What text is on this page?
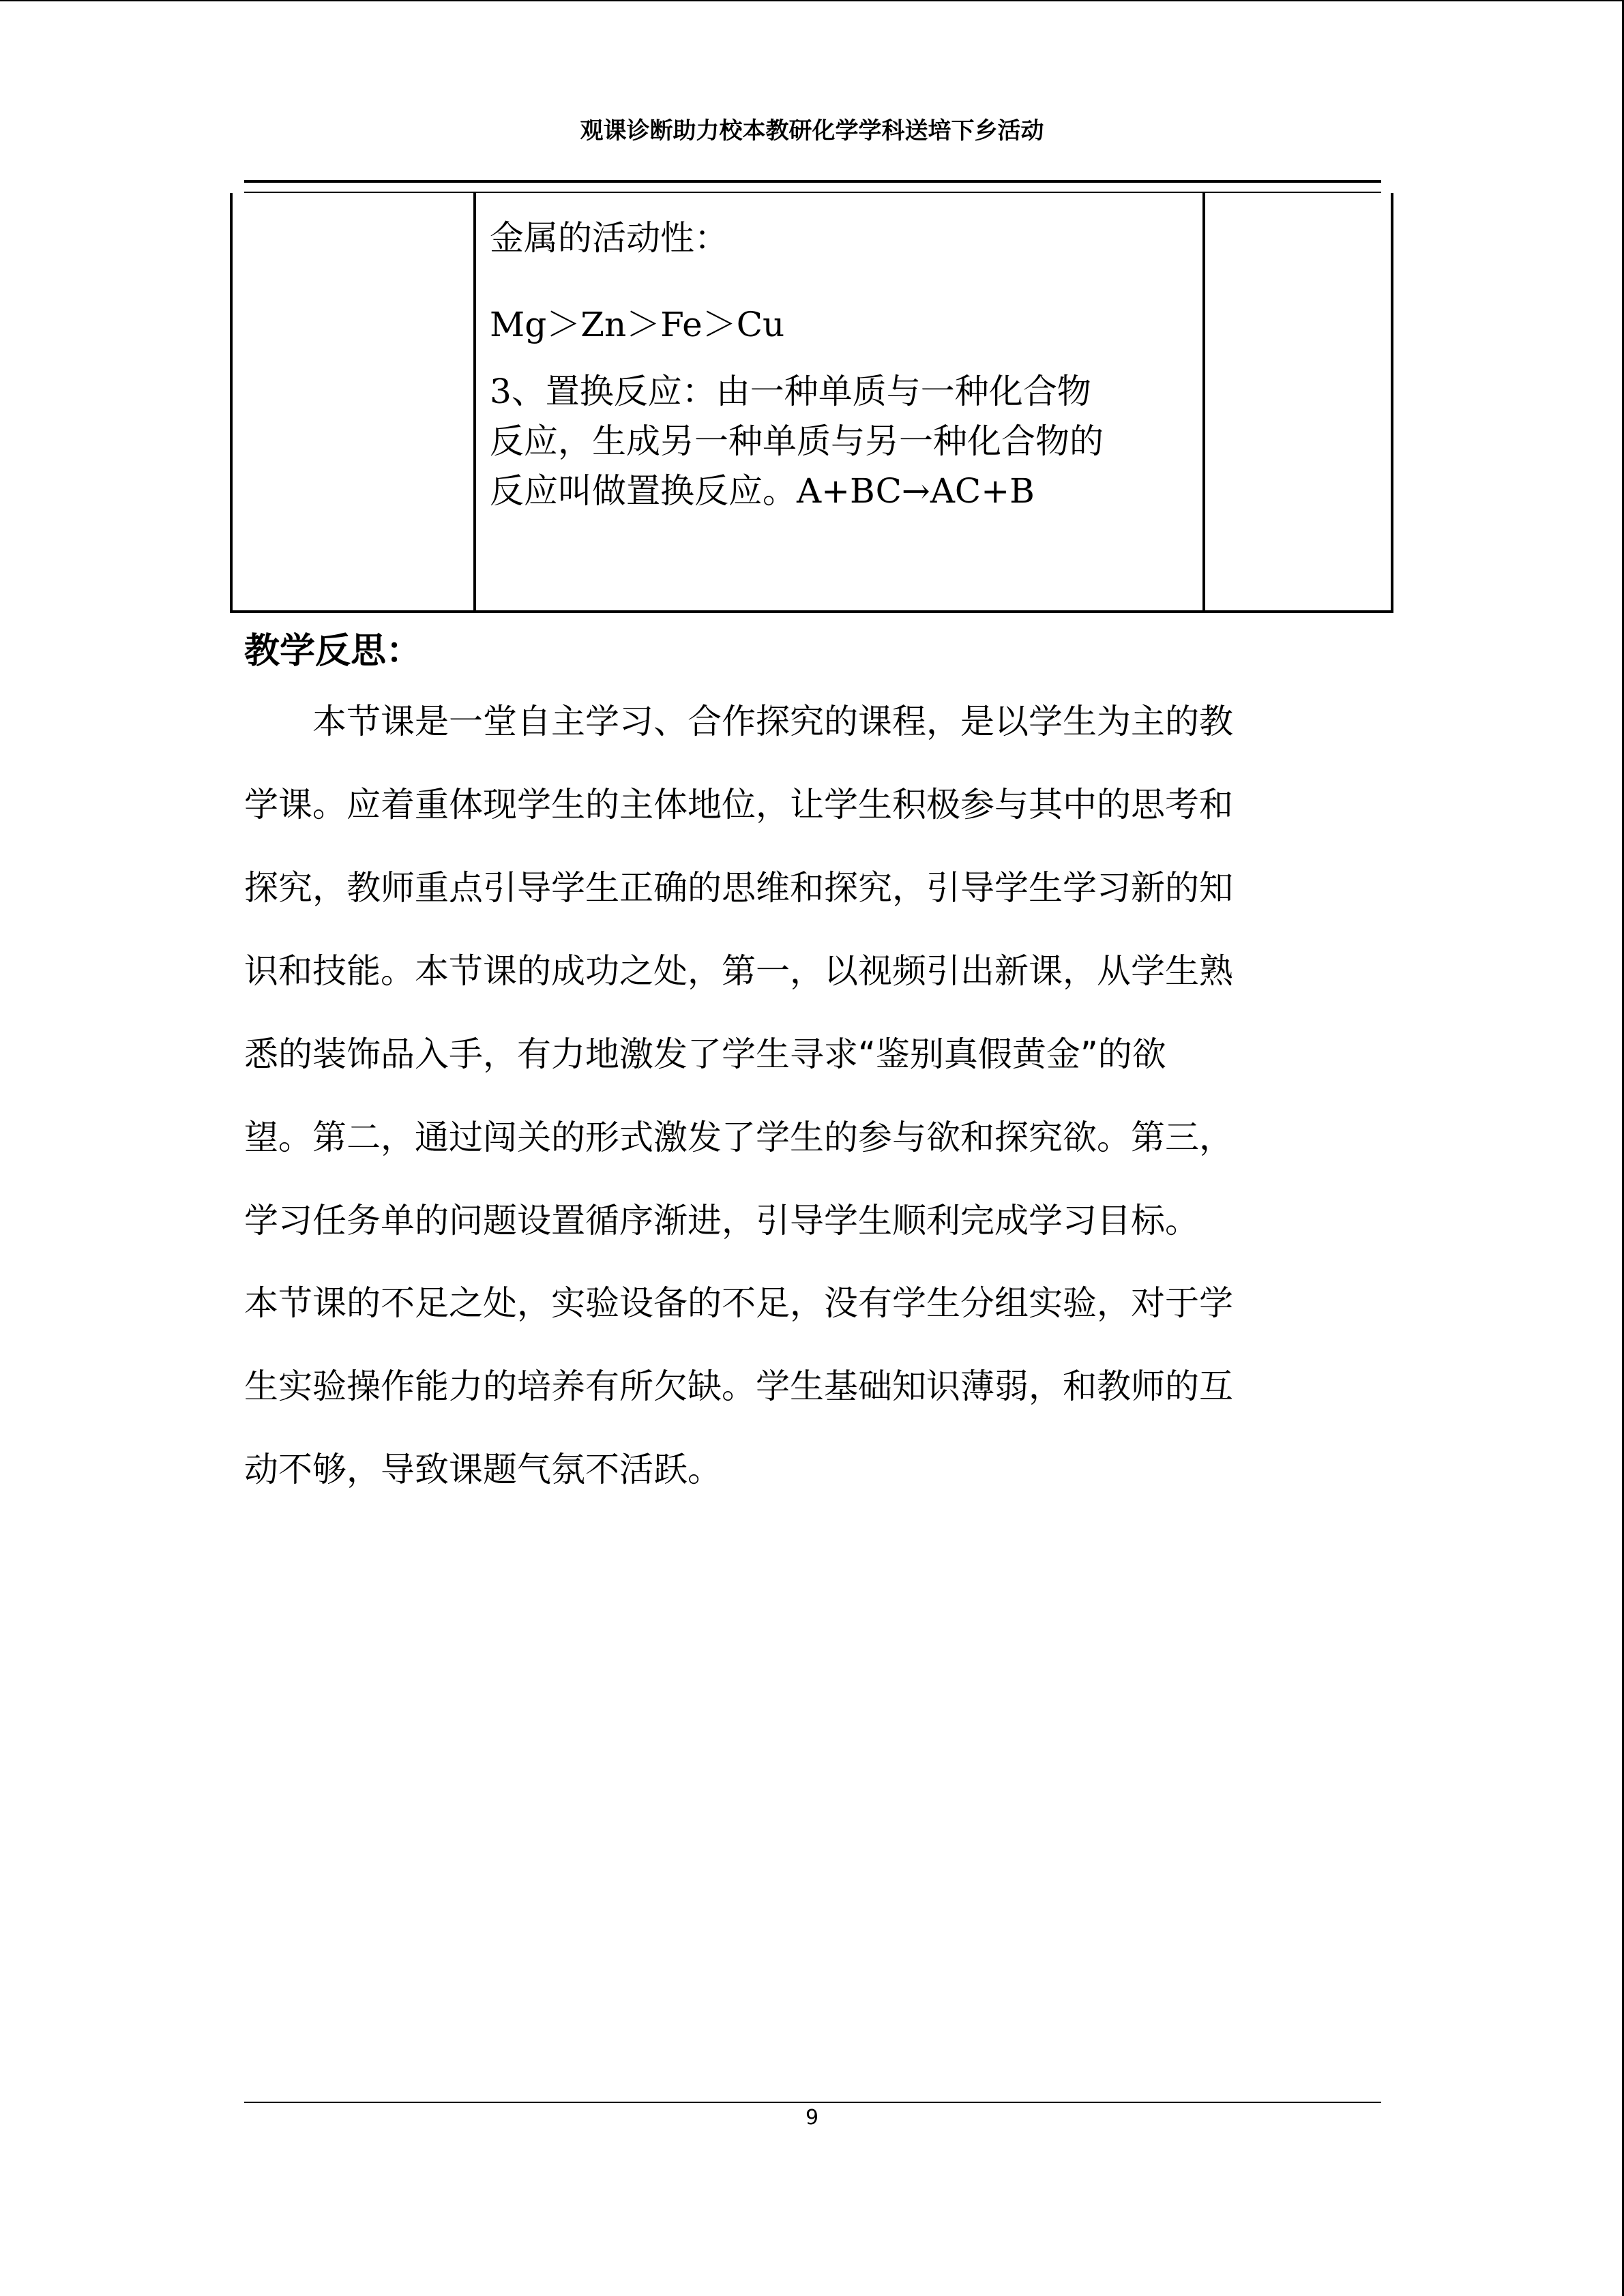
观课诊断助力校本教研化学学科送培下乡活动
金属的活动性：
Mg＞Zn＞Fe＞Cu
3、置换反应：由一种单质与一种化合物
反应，生成另一种单质与另一种化合物的
反应叫做置换反应。A+BC→AC+B
教学反思：
　　本节课是一堂自主学习、合作探究的课程，是以学生为主的教
学课。应着重体现学生的主体地位，让学生积极参与其中的思考和
探究，教师重点引导学生正确的思维和探究，引导学生学习新的知
识和技能。本节课的成功之处，第一，以视频引出新课，从学生熟
悉的装饰品入手，有力地激发了学生寻求“鉴别真假黄金”的欲
望。第二，通过闯关的形式激发了学生的参与欲和探究欲。第三，
学习任务单的问题设置循序渐进，引导学生顺利完成学习目标。
本节课的不足之处，实验设备的不足，没有学生分组实验，对于学
生实验操作能力的培养有所欠缺。学生基础知识薄弱，和教师的互
动不够，导致课题气氛不活跃。
9
